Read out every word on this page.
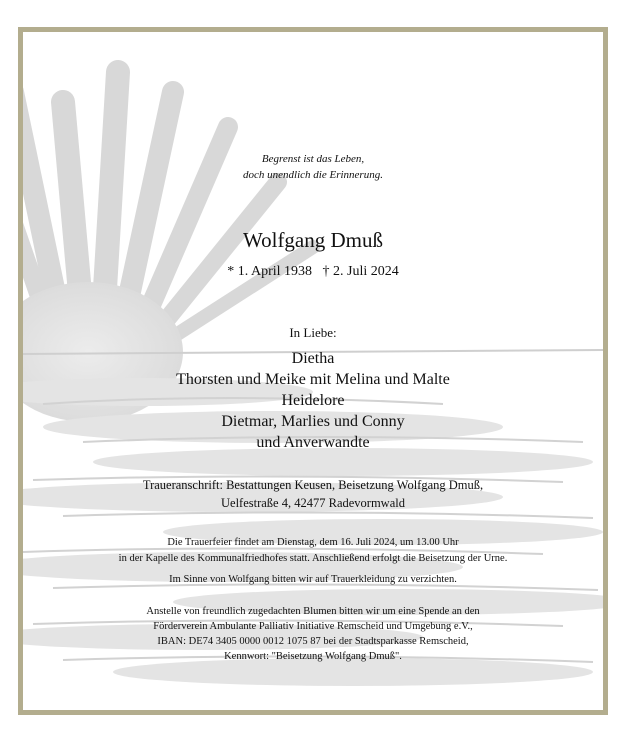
Begrenst ist das Leben,
doch unendlich die Erinnerung.
Wolfgang Dmuß
* 1. April 1938   † 2. Juli 2024
In Liebe:
Dietha
Thorsten und Meike mit Melina und Malte
Heidelore
Dietmar, Marlies und Conny
und Anverwandte
Traueranschrift: Bestattungen Keusen, Beisetzung Wolfgang Dmuß,
Uelfestraße 4, 42477 Radevormwald
Die Trauerfeier findet am Dienstag, dem 16. Juli 2024, um 13.00 Uhr
in der Kapelle des Kommunalfriedhofes statt. Anschließend erfolgt die Beisetzung der Urne.
Im Sinne von Wolfgang bitten wir auf Trauerkleidung zu verzichten.
Anstelle von freundlich zugedachten Blumen bitten wir um eine Spende an den
Förderverein Ambulante Palliativ Initiative Remscheid und Umgebung e.V.,
IBAN: DE74 3405 0000 0012 1075 87 bei der Stadtsparkasse Remscheid,
Kennwort: "Beisetzung Wolfgang Dmuß".
